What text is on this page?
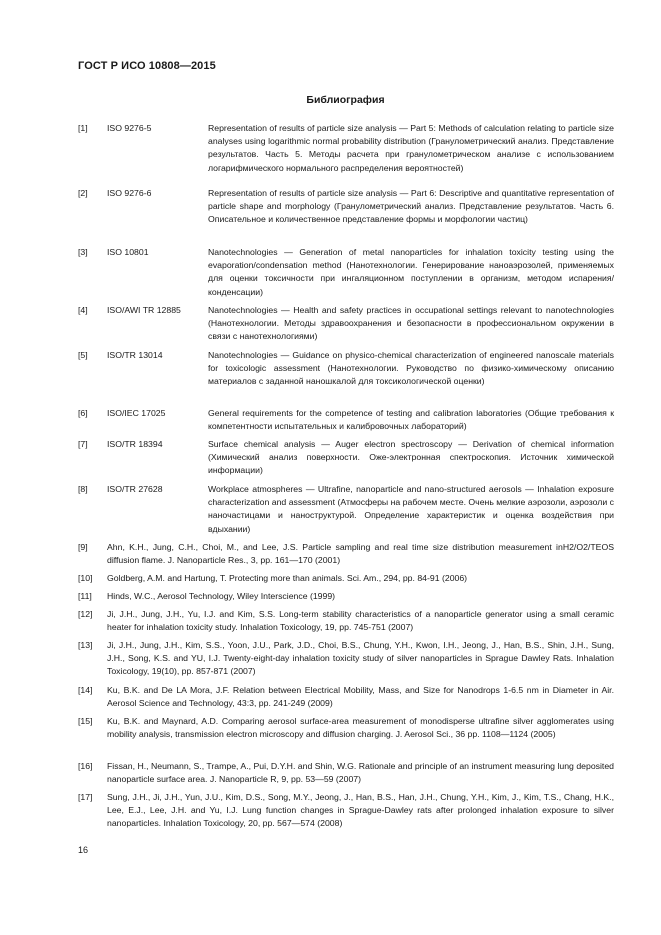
ГОСТ Р ИСО 10808—2015
Библиография
[1] ISO 9276-5	Representation of results of particle size analysis — Part 5: Methods of calculation relating to particle size analyses using logarithmic normal probability distribution (Гранулометрический анализ. Представление результатов. Часть 5. Методы расчета при гранулометрическом анализе с использованием логарифмического нормального распределения вероятностей)
[2] ISO 9276-6	Representation of results of particle size analysis — Part 6: Descriptive and quantitative representation of particle shape and morphology (Гранулометрический анализ. Представление результатов. Часть 6. Описательное и количественное представление формы и морфологии частиц)
[3] ISO 10801	Nanotechnologies — Generation of metal nanoparticles for inhalation toxicity testing using the evaporation/condensation method (Нанотехнологии. Генерирование наноаэрозолей, применяемых для оценки токсичности при ингаляционном поступлении в организм, методом испарения/конденсации)
[4] ISO/AWI TR 12885	Nanotechnologies — Health and safety practices in occupational settings relevant to nanotechnologies (Нанотехнологии. Методы здравоохранения и безопасности в профессиональном окружении в связи с нанотехнологиями)
[5] ISO/TR 13014	Nanotechnologies — Guidance on physico-chemical characterization of engineered nanoscale materials for toxicologic assessment (Нанотехнологии. Руководство по физико-химическому описанию материалов с заданной наношкалой для токсикологической оценки)
[6] ISO/IEC 17025	General requirements for the competence of testing and calibration laboratories (Общие требования к компетентности испытательных и калибровочных лабораторий)
[7] ISO/TR 18394	Surface chemical analysis — Auger electron spectroscopy — Derivation of chemical information (Химический анализ поверхности. Оже-электронная спектроскопия. Источник химической информации)
[8] ISO/TR 27628	Workplace atmospheres — Ultrafine, nanoparticle and nano-structured aerosols — Inhalation exposure characterization and assessment (Атмосферы на рабочем месте. Очень мелкие аэрозоли, аэрозоли с наночастицами и наноструктурой. Определение характеристик и оценка воздействия при вдыхании)
[9] Ahn, K.H., Jung, C.H., Choi, M., and Lee, J.S. Particle sampling and real time size distribution measurement inH2/O2/TEOS diffusion flame. J. Nanoparticle Res., 3, pp. 161—170 (2001)
[10] Goldberg, A.M. and Hartung, T. Protecting more than animals. Sci. Am., 294, pp. 84-91 (2006)
[11] Hinds, W.C., Aerosol Technology, Wiley Interscience (1999)
[12] Ji, J.H., Jung, J.H., Yu, I.J. and Kim, S.S. Long-term stability characteristics of a nanoparticle generator using a small ceramic heater for inhalation toxicity study. Inhalation Toxicology, 19, pp. 745-751 (2007)
[13] Ji, J.H., Jung, J.H., Kim, S.S., Yoon, J.U., Park, J.D., Choi, B.S., Chung, Y.H., Kwon, I.H., Jeong, J., Han, B.S., Shin, J.H., Sung, J.H., Song, K.S. and YU, I.J. Twenty-eight-day inhalation toxicity study of silver nanoparticles in Sprague Dawley Rats. Inhalation Toxicology, 19(10), pp. 857-871 (2007)
[14] Ku, B.K. and De LA Mora, J.F. Relation between Electrical Mobility, Mass, and Size for Nanodrops 1-6.5 nm in Diameter in Air. Aerosol Science and Technology, 43:3, pp. 241-249 (2009)
[15] Ku, B.K. and Maynard, A.D. Comparing aerosol surface-area measurement of monodisperse ultrafine silver agglomerates using mobility analysis, transmission electron microscopy and diffusion charging. J. Aerosol Sci., 36 pp. 1108—1124 (2005)
[16] Fissan, H., Neumann, S., Trampe, A., Pui, D.Y.H. and Shin, W.G. Rationale and principle of an instrument measuring lung deposited nanoparticle surface area. J. Nanoparticle R, 9, pp. 53—59 (2007)
[17] Sung, J.H., Ji, J.H., Yun, J.U., Kim, D.S., Song, M.Y., Jeong, J., Han, B.S., Han, J.H., Chung, Y.H., Kim, J., Kim, T.S., Chang, H.K., Lee, E.J., Lee, J.H. and Yu, I.J. Lung function changes in Sprague-Dawley rats after prolonged inhalation exposure to silver nanoparticles. Inhalation Toxicology, 20, pp. 567—574 (2008)
16
